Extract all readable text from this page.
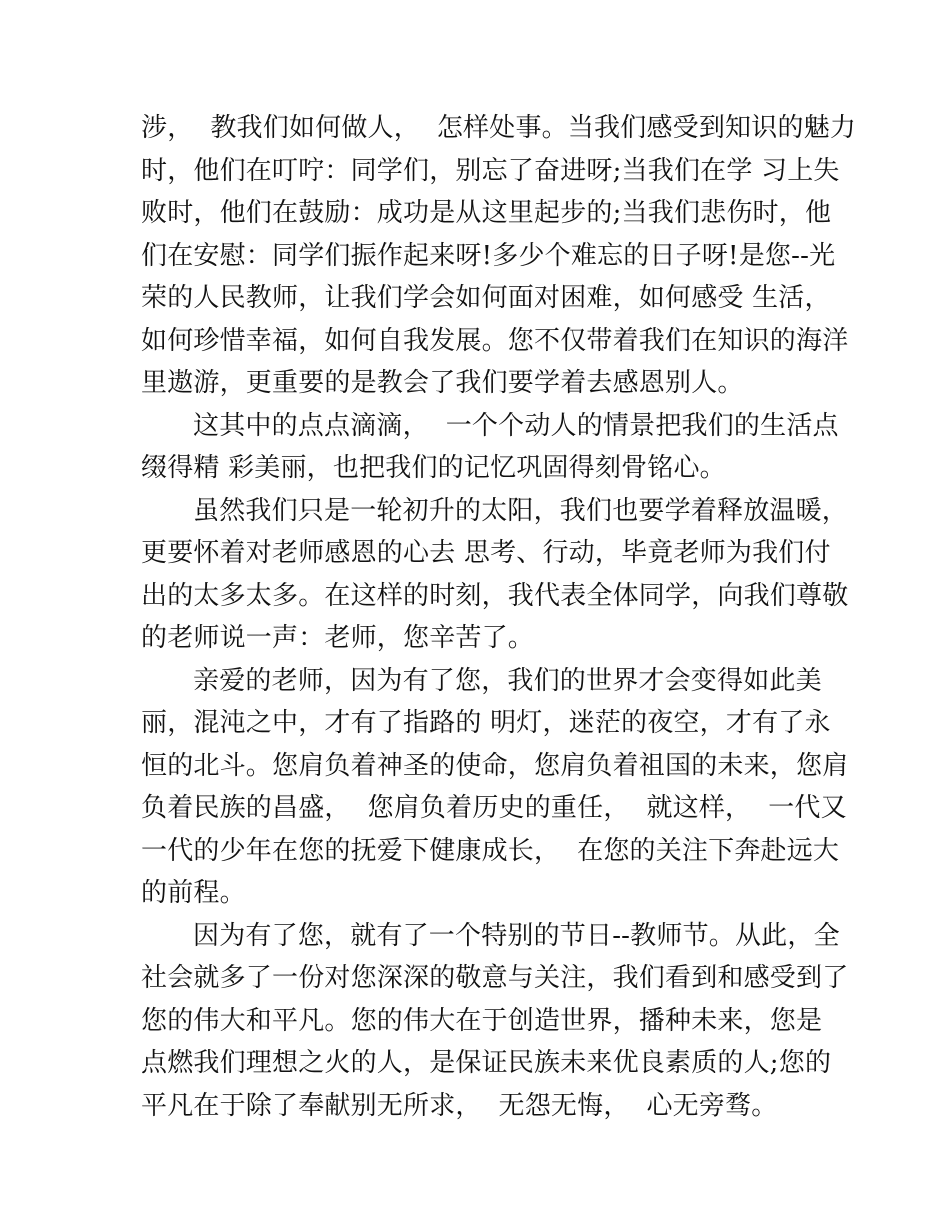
涉，  教我们如何做人，  怎样处事。当我们感受到知识的魅力
时，他们在叮咛：同学们，别忘了奋进呀;当我们在学 习上失
败时，他们在鼓励：成功是从这里起步的;当我们悲伤时，他
们在安慰：同学们振作起来呀!多少个难忘的日子呀!是您--光
荣的人民教师，让我们学会如何面对困难，如何感受 生活，
如何珍惜幸福，如何自我发展。您不仅带着我们在知识的海洋
里遨游，更重要的是教会了我们要学着去感恩别人。
这其中的点点滴滴，  一个个动人的情景把我们的生活点
缀得精 彩美丽，也把我们的记忆巩固得刻骨铭心。
虽然我们只是一轮初升的太阳，我们也要学着释放温暖，
更要怀着对老师感恩的心去 思考、行动，毕竟老师为我们付
出的太多太多。在这样的时刻，我代表全体同学，向我们尊敬
的老师说一声：老师，您辛苦了。
亲爱的老师，因为有了您，我们的世界才会变得如此美
丽，混沌之中，才有了指路的 明灯，迷茫的夜空，才有了永
恒的北斗。您肩负着神圣的使命，您肩负着祖国的未来，您肩
负着民族的昌盛，  您肩负着历史的重任，  就这样，  一代又
一代的少年在您的抚爱下健康成长，  在您的关注下奔赴远大
的前程。
因为有了您，就有了一个特别的节日--教师节。从此，全
社会就多了一份对您深深的敬意与关注，我们看到和感受到了
您的伟大和平凡。您的伟大在于创造世界，播种未来，您是
点燃我们理想之火的人，是保证民族未来优良素质的人;您的
平凡在于除了奉献别无所求，  无怨无悔，  心无旁骛。
